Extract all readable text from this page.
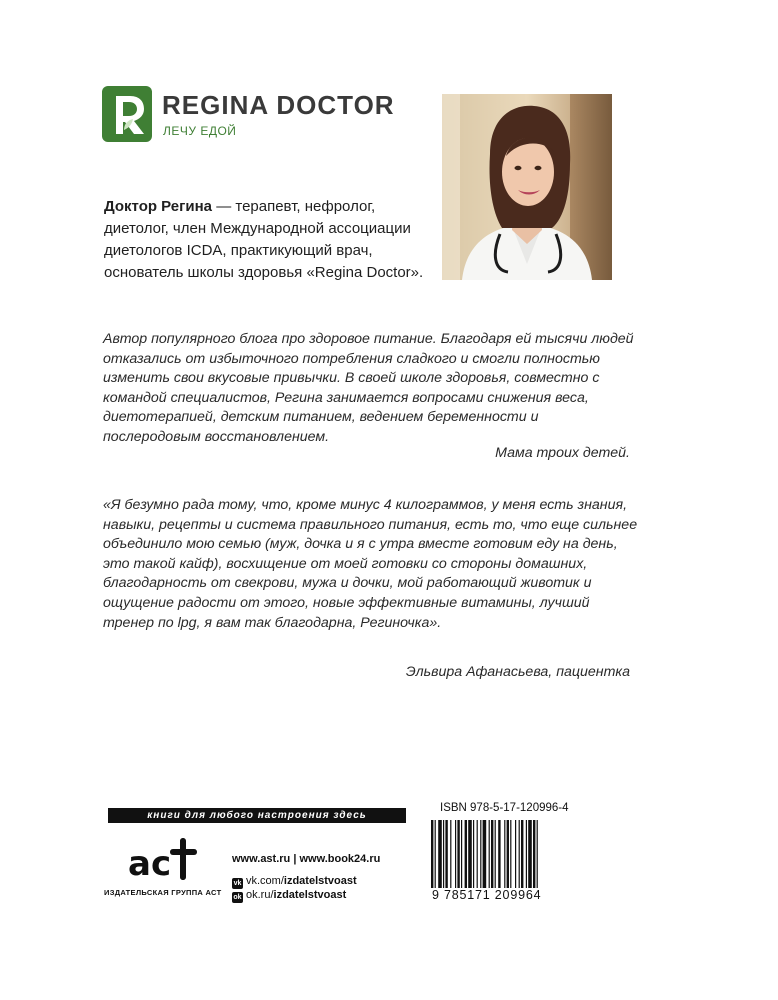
REGINA DOCTOR
ЛЕЧУ ЕДОЙ
Доктор Регина — терапевт, нефролог, диетолог, член Международной ассоциации диетологов ICDA, практикующий врач, основатель школы здоровья «Regina Doctor».
Автор популярного блога про здоровое питание. Благодаря ей тысячи людей отказались от избыточного потребления сладкого и смогли полностью изменить свои вкусовые привычки. В своей школе здоровья, совместно с командой специалистов, Регина занимается вопросами снижения веса, диетотерапией, детским питанием, ведением беременности и послеродовым восстановлением.
Мама троих детей.
«Я безумно рада тому, что, кроме минус 4 килограммов, у меня есть знания, навыки, рецепты и система правильного питания, есть то, что еще сильнее объединило мою семью (муж, дочка и я с утра вместе готовим еду на день, это такой кайф), восхищение от моей готовки со стороны домашних, благодарность от свекрови, мужа и дочки, мой работающий животик и ощущение радости от этого, новые эффективные витамины, лучший тренер по lpg, я вам так благодарна, Региночка».
Эльвира Афанасьева, пациентка
книги для любого настроения здесь
ac
ИЗДАТЕЛЬСКАЯ ГРУППА АСТ
www.ast.ru | www.book24.ru
vk vk.com/izdatelstvoast
ok ok.ru/izdatelstvoast
ISBN 978-5-17-120996-4
9 785171 209964
